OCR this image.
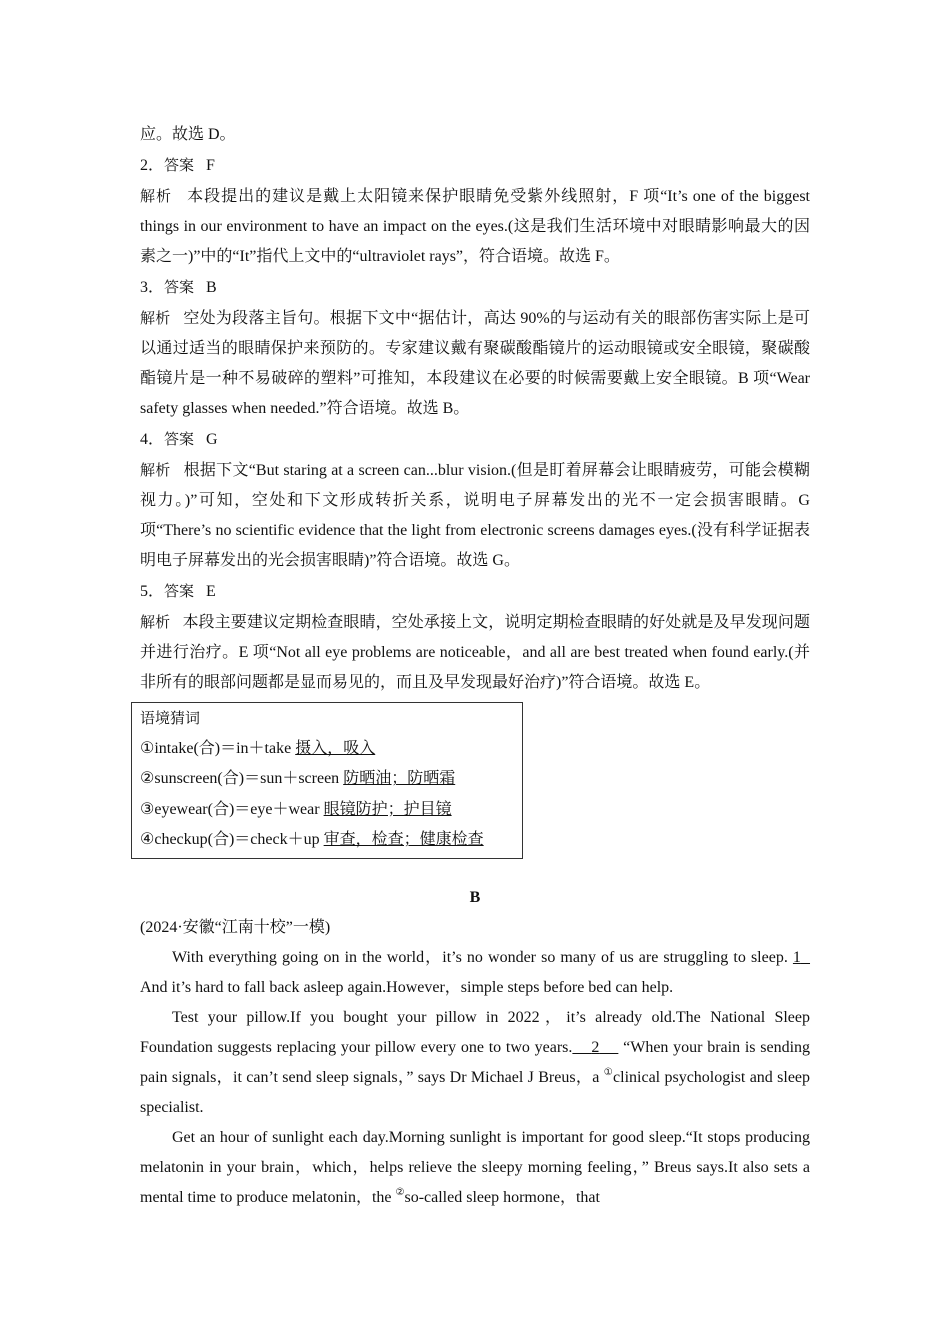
应。故选 D。

2．答案 F

解析 本段提出的建议是戴上太阳镜来保护眼睛免受紫外线照射，F 项“It’s one of the biggest things in our environment to have an impact on the eyes.(这是我们生活环境中对眼睛影响最大的因素之一)”中的“It”指代上文中的“ultraviolet rays”，符合语境。故选 F。

3．答案 B

解析 空处为段落主旨句。根据下文中“据估计，高达 90%的与运动有关的眼部伤害实际上是可以通过适当的眼睛保护来预防的。专家建议戴有聚碳酸酯镜片的运动眼镜或安全眼镜，聚碳酸酯镜片是一种不易破碎的塑料”可推知，本段建议在必要的时候需要戴上安全眼镜。B 项“Wear safety glasses when needed.”符合语境。故选 B。

4．答案 G

解析 根据下文“But staring at a screen can...blur vision.(但是盯着屏幕会让眼睛疲劳，可能会模糊视力。)”可知，空处和下文形成转折关系，说明电子屏幕发出的光不一定会损害眼睛。G 项“There’s no scientific evidence that the light from electronic screens damages eyes.(没有科学证据表明电子屏幕发出的光会损害眼睛)”符合语境。故选 G。

5．答案 E

解析 本段主要建议定期检查眼睛，空处承接上文，说明定期检查眼睛的好处就是及早发现问题并进行治疗。E 项“Not all eye problems are noticeable，and all are best treated when found early.(并非所有的眼部问题都是显而易见的，而且及早发现最好治疗)”符合语境。故选 E。

语境猜词
①intake(合)＝in＋take 摄入，吸入
②sunscreen(合)＝sun＋screen 防晒油；防晒霜
③eyewear(合)＝eye＋wear 眼镜防护；护目镜
④checkup(合)＝check＋up 审查，检查；健康检查

B

(2024·安徽“江南十校”一模)

With everything going on in the world，it’s no wonder so many of us are struggling to sleep. 1   And it’s hard to fall back asleep again.However，simple steps before bed can help.

Test your pillow.If you bought your pillow in 2022，it’s already old.The National Sleep Foundation suggests replacing your pillow every one to two years. 2 “When your brain is sending pain signals，it can’t send sleep signals，” says Dr Michael J Breus，a ①clinical psychologist and sleep specialist.

Get an hour of sunlight each day.Morning sunlight is important for good sleep.“It stops producing melatonin in your brain，which，helps relieve the sleepy morning feeling，” Breus says.It also sets a mental time to produce melatonin，the ②so-called sleep hormone，that
